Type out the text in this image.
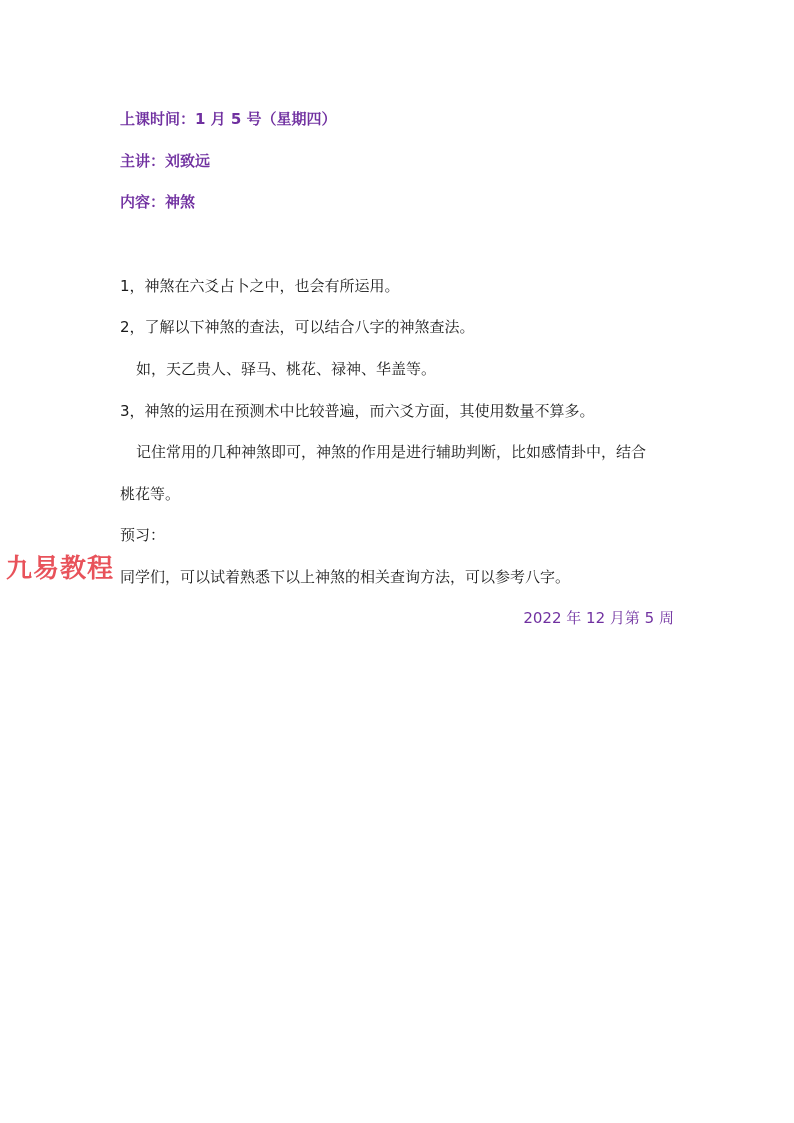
上课时间：1 月 5 号（星期四）
主讲：刘致远
内容：神煞
1，神煞在六爻占卜之中，也会有所运用。
2，了解以下神煞的查法，可以结合八字的神煞查法。
如，天乙贵人、驿马、桃花、禄神、华盖等。
3，神煞的运用在预测术中比较普遍，而六爻方面，其使用数量不算多。
记住常用的几种神煞即可，神煞的作用是进行辅助判断，比如感情卦中，结合
桃花等。
预习：
同学们，可以试着熟悉下以上神煞的相关查询方法，可以参考八字。
2022 年 12 月第 5 周
九易教程
